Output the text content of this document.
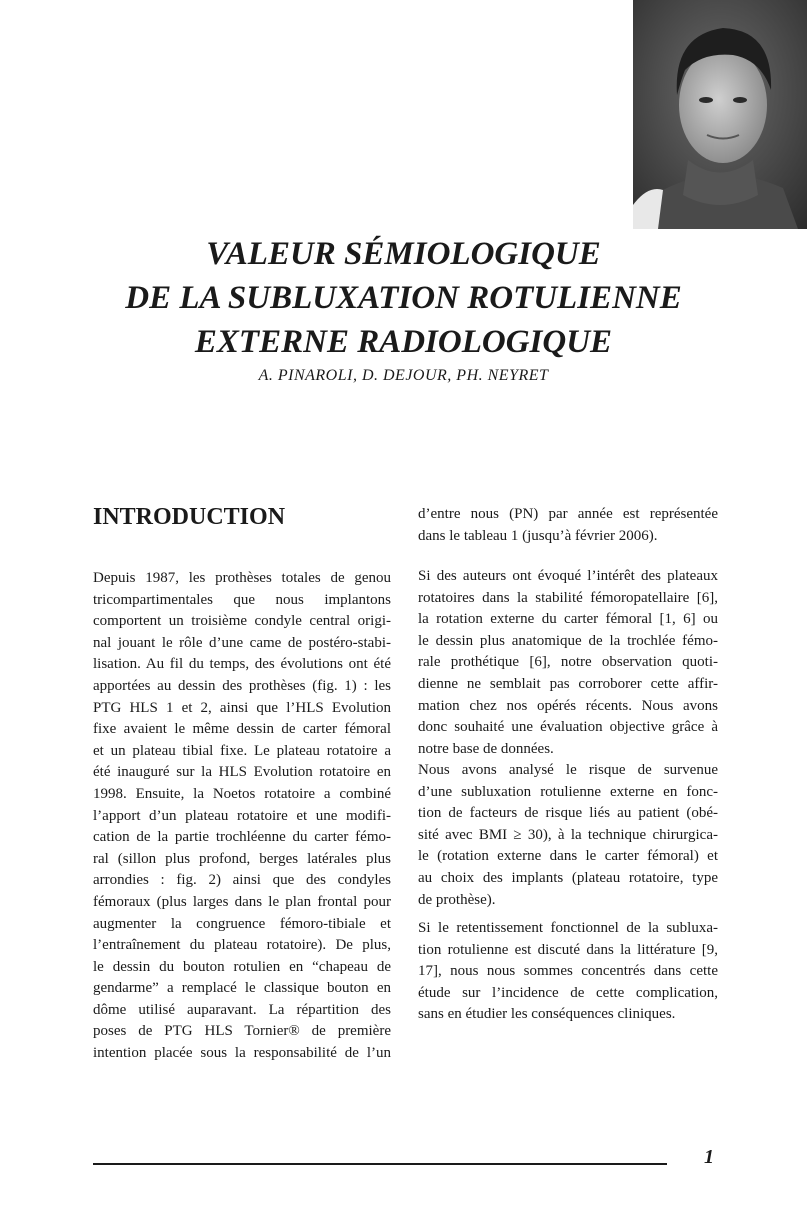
VALEUR SÉMIOLOGIQUE
DE LA SUBLUXATION ROTULIENNE
EXTERNE RADIOLOGIQUE
A. PINAROLI, D. DEJOUR, PH. NEYRET
INTRODUCTION
Depuis 1987, les prothèses totales de genou
tricompartimentales que nous implantons
comportent un troisième condyle central origi-
nal jouant le rôle d’une came de postéro-stabi-
lisation. Au fil du temps, des évolutions ont été
apportées au dessin des prothèses (fig. 1) : les
PTG HLS 1 et 2, ainsi que l’HLS Evolution
fixe avaient le même dessin de carter fémoral
et un plateau tibial fixe. Le plateau rotatoire a
été inauguré sur la HLS Evolution rotatoire en
1998. Ensuite, la Noetos rotatoire a combiné
l’apport d’un plateau rotatoire et une modifi-
cation de la partie trochléenne du carter fémo-
ral (sillon plus profond, berges latérales plus
arrondies : fig. 2) ainsi que des condyles
fémoraux (plus larges dans le plan frontal pour
augmenter la congruence fémoro-tibiale et
l’entraînement du plateau rotatoire). De plus,
le dessin du bouton rotulien en “chapeau de
gendarme” a remplacé le classique bouton en
dôme utilisé auparavant. La répartition des
poses de PTG HLS Tornier® de première
intention placée sous la responsabilité de l’un
d’entre nous (PN) par année est représentée
dans le tableau 1 (jusqu’à février 2006).
Si des auteurs ont évoqué l’intérêt des plateaux
rotatoires dans la stabilité fémoropatellaire [6],
la rotation externe du carter fémoral [1, 6] ou
le dessin plus anatomique de la trochlée fémo-
rale prothétique [6], notre observation quoti-
dienne ne semblait pas corroborer cette affir-
mation chez nos opérés récents. Nous avons
donc souhaité une évaluation objective grâce à
notre base de données.
Nous avons analysé le risque de survenue
d’une subluxation rotulienne externe en fonc-
tion de facteurs de risque liés au patient (obé-
sité avec BMI ≥ 30), à la technique chirurgica-
le (rotation externe dans le carter fémoral) et
au choix des implants (plateau rotatoire, type
de prothèse).
Si le retentissement fonctionnel de la subluxa-
tion rotulienne est discuté dans la littérature [9,
17], nous nous sommes concentrés dans cette
étude sur l’incidence de cette complication,
sans en étudier les conséquences cliniques.
1
